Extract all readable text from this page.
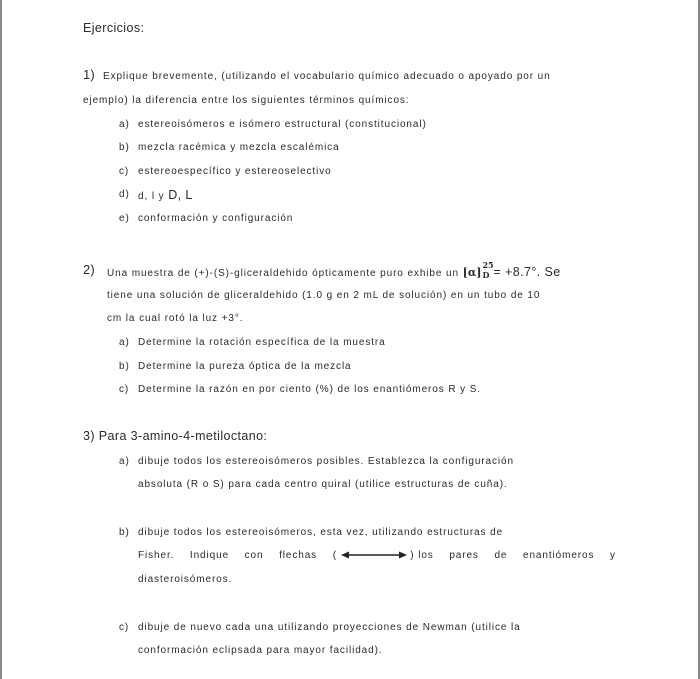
Ejercicios:
1) Explique brevemente, (utilizando el vocabulario químico adecuado o apoyado por un
ejemplo) la diferencia entre los siguientes términos químicos:
a) estereoisómeros e isómero estructural (constitucional)
b) mezcla racémica y mezcla escalémica
c) estereoespecífico y estereoselectivo
d) d, l y D, L
e) conformación y configuración
2) Una muestra de (+)-(S)-gliceraldehido ópticamente puro exhibe un [α]
25
D = +8.7°. Se
tiene una solución de gliceraldehido (1.0 g en 2 mL de solución) en un tubo de 10
cm la cual rotó la luz +3°.
a) Determine la rotación específica de la muestra
b) Determine la pureza óptica de la mezcla
c) Determine la razón en por ciento (%) de los enantiómeros R y S.
3) Para 3-amino-4-metiloctano:
a) dibuje todos los estereoisómeros posibles. Establezca la configuración
absoluta (R o S) para cada centro quiral (utilice estructuras de cuña).
b) dibuje todos los estereoisómeros, esta vez, utilizando estructuras de
Fisher. Indique con flechas (	) los pares de enantiómeros y
diasteroisómeros.
c) dibuje de nuevo cada una utilizando proyecciones de Newman (utilice la
conformación eclipsada para mayor facilidad).
